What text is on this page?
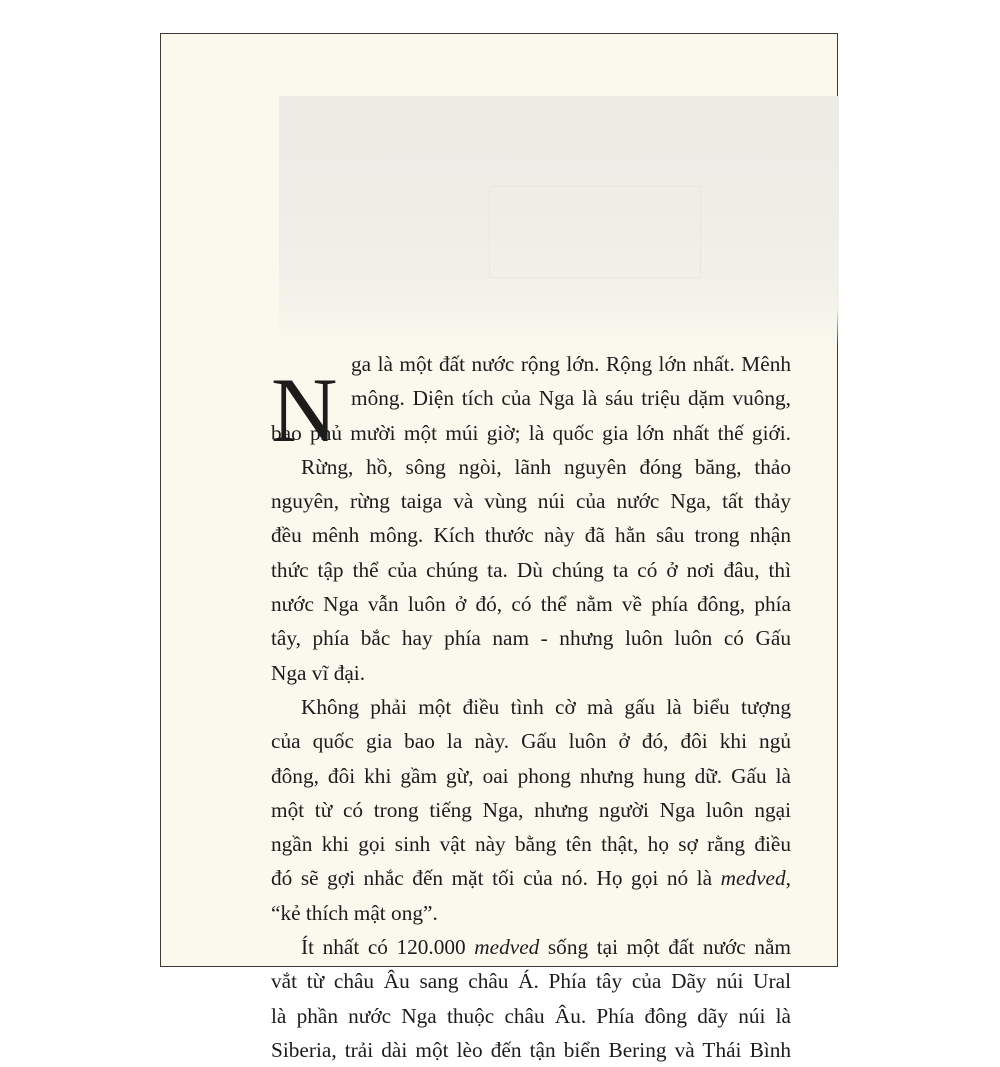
N ga là một đất nước rộng lớn. Rộng lớn nhất. Mênh
mông. Diện tích của Nga là sáu triệu dặm vuông,
bao phủ mười một múi giờ; là quốc gia lớn nhất thế giới.
Rừng, hồ, sông ngòi, lãnh nguyên đóng băng, thảo
nguyên, rừng taiga và vùng núi của nước Nga, tất thảy
đều mênh mông. Kích thước này đã hằn sâu trong nhận
thức tập thể của chúng ta. Dù chúng ta có ở nơi đâu, thì
nước Nga vẫn luôn ở đó, có thể nằm về phía đông, phía
tây, phía bắc hay phía nam - nhưng luôn luôn có Gấu
Nga vĩ đại.
Không phải một điều tình cờ mà gấu là biểu tượng
của quốc gia bao la này. Gấu luôn ở đó, đôi khi ngủ
đông, đôi khi gầm gừ, oai phong nhưng hung dữ. Gấu là
một từ có trong tiếng Nga, nhưng người Nga luôn ngại
ngần khi gọi sinh vật này bằng tên thật, họ sợ rằng điều
đó sẽ gợi nhắc đến mặt tối của nó. Họ gọi nó là medved,
“kẻ thích mật ong”.
Ít nhất có 120.000 medved sống tại một đất nước nằm
vắt từ châu Âu sang châu Á. Phía tây của Dãy núi Ural
là phần nước Nga thuộc châu Âu. Phía đông dãy núi là
Siberia, trải dài một lèo đến tận biển Bering và Thái Bình
